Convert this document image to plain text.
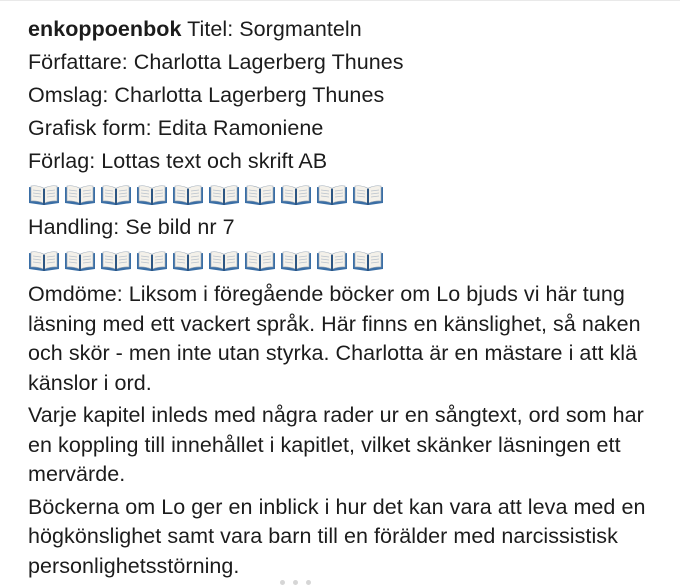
enkoppoenbok Titel: Sorgmanteln
Författare: Charlotta Lagerberg Thunes
Omslag: Charlotta Lagerberg Thunes
Grafisk form: Edita Ramoniene
Förlag: Lottas text och skrift AB
Handling: Se bild nr 7
Omdöme: Liksom i föregående böcker om Lo bjuds vi här tung läsning med ett vackert språk. Här finns en känslighet, så naken och skör - men inte utan styrka. Charlotta är en mästare i att klä känslor i ord.
Varje kapitel inleds med några rader ur en sångtext, ord som har en koppling till innehållet i kapitlet, vilket skänker läsningen ett mervärde.
Böckerna om Lo ger en inblick i hur det kan vara att leva med en högkönslighet samt vara barn till en förälder med narcissistisk personlighetsstörning.
